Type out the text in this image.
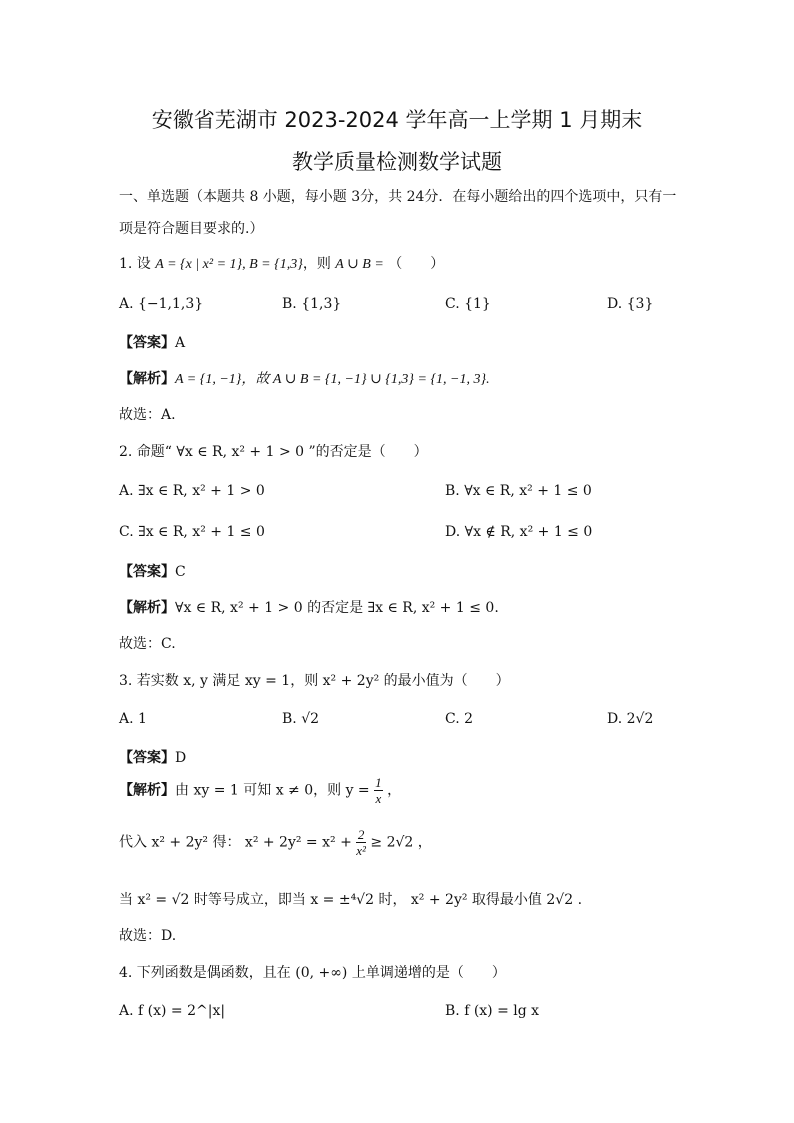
安徽省芜湖市 2023-2024 学年高一上学期 1 月期末
教学质量检测数学试题
一、单选题（本题共 8 小题，每小题 3分，共 24分．在每小题给出的四个选项中，只有一
项是符合题目要求的.）
1. 设 A = {x | x² = 1}, B = {1,3}，则 A ∪ B = （　　）
A. {−1,1,3}	B. {1,3}	C. {1}	D. {3}
【答案】A
【解析】A = {1, −1}，故 A ∪ B = {1, −1} ∪ {1,3} = {1, −1, 3}.
故选：A.
2. 命题“ ∀x ∈ R, x² + 1 > 0 ”的否定是（　　）
A. ∃x ∈ R, x² + 1 > 0	B. ∀x ∈ R, x² + 1 ≤ 0
C. ∃x ∈ R, x² + 1 ≤ 0	D. ∀x ∉ R, x² + 1 ≤ 0
【答案】C
【解析】∀x ∈ R, x² + 1 > 0 的否定是 ∃x ∈ R, x² + 1 ≤ 0.
故选：C.
3. 若实数 x, y 满足 xy = 1，则 x² + 2y² 的最小值为（　　）
A. 1	B. √2	C. 2	D. 2√2
【答案】D
【解析】由 xy = 1 可知 x ≠ 0，则 $y = \frac{1}{x}$ ，
代入 x² + 2y² 得： $x^2 + 2y^2 = x^2 + \frac{2}{\text{x²}} \ge 2√2$ ，
当 x² = √2 时等号成立，即当 x = ±⁴√2 时， x² + 2y² 取得最小值 2√2 .
故选：D.
4. 下列函数是偶函数，且在 (0, +∞) 上单调递增的是（　　）
A. f (x) = 2^|x|	B. f (x) = lg x
